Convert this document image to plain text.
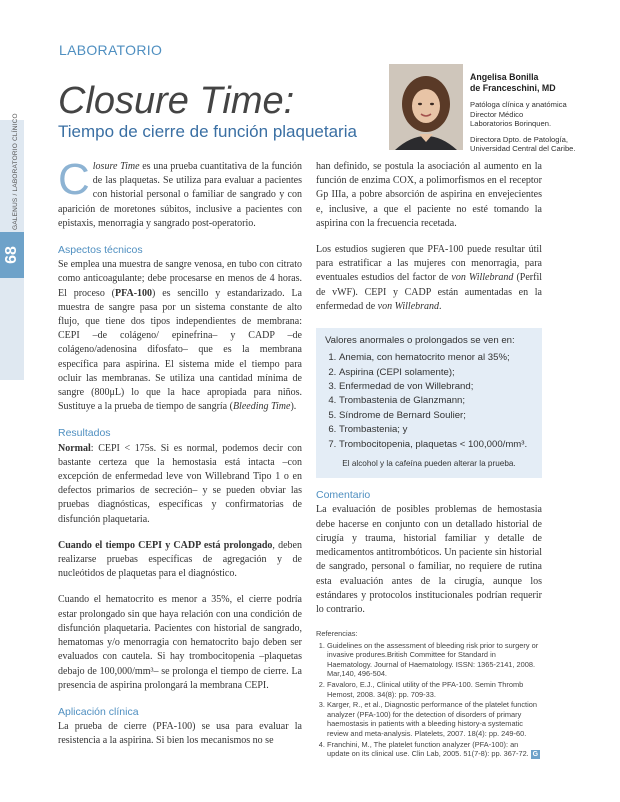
GALENUS / LABORATORIO CLÍNICO
68
LABORATORIO
Closure Time:
Tiempo de cierre de función plaquetaria
Angelisa Bonilla
de Franceschini, MD

Patóloga clínica y anatómica
Director Médico
Laboratorios Borinquen.

Directora Dpto. de Patología,
Universidad Central del Caribe.

Closure Time es una prueba cuantitativa de la función de las plaquetas. Se utiliza para evaluar a pacientes con historial personal o familiar de sangrado y con aparición de moretones súbitos, inclusive a pacientes con epistaxis, menorragia y sangrado post-operatorio.

Aspectos técnicos

Se emplea una muestra de sangre venosa, en tubo con citrato como anticoagulante; debe procesarse en menos de 4 horas. El proceso (PFA-100) es sencillo y estandarizado. La muestra de sangre pasa por un sistema constante de alto flujo, que tiene dos tipos independientes de membrana: CEPI –de colágeno/ epinefrina– y CADP –de colágeno/adenosina difosfato– que es la membrana específica para aspirina. El sistema mide el tiempo para ocluir las membranas. Se utiliza una cantidad mínima de sangre (800μL) lo que la hace apropiada para niños. Sustituye a la prueba de tiempo de sangría (Bleeding Time).

Resultados

Normal: CEPI < 175s. Si es normal, podemos decir con bastante certeza que la hemostasia está intacta –con excepción de enfermedad leve von Willebrand Tipo 1 o en defectos primarios de secreción– y se pueden obviar las pruebas diagnósticas, específicas y confirmatorias de disfunción plaquetaria.

Cuando el tiempo CEPI y CADP está prolongado, deben realizarse pruebas específicas de agregación y de nucleótidos de plaquetas para el diagnóstico.

Cuando el hematocrito es menor a 35%, el cierre podría estar prolongado sin que haya relación con una condición de disfunción plaquetaria. Pacientes con historial de sangrado, hematomas y/o menorragia con hematocrito bajo deben ser evaluados con cautela. Si hay trombocitopenia –plaquetas debajo de 100,000/mm³– se prolonga el tiempo de cierre. La presencia de aspirina prolongará la membrana CEPI.

Aplicación clínica

La prueba de cierre (PFA-100) se usa para evaluar la resistencia a la aspirina. Si bien los mecanismos no se

han definido, se postula la asociación al aumento en la función de enzima COX, a polimorfismos en el receptor Gp IIIa, a pobre absorción de aspirina en envejecientes e, inclusive, a que el paciente no esté tomando la aspirina con la frecuencia recetada.

Los estudios sugieren que PFA-100 puede resultar útil para estratificar a las mujeres con menorragia, para eventuales estudios del factor de von Willebrand (Perfil de vWF). CEPI y CADP están aumentadas en la enfermedad de von Willebrand.

Valores anormales o prolongados se ven en:
1. Anemia, con hematocrito menor al 35%;
2. Aspirina (CEPI solamente);
3. Enfermedad de von Willebrand;
4. Trombastenia de Glanzmann;
5. Síndrome de Bernard Soulier;
6. Trombastenia; y
7. Trombocitopenia, plaquetas < 100,000/mm³.
El alcohol y la cafeína pueden alterar la prueba.
Comentario

La evaluación de posibles problemas de hemostasia debe hacerse en conjunto con un detallado historial de cirugía y trauma, historial familiar y detalle de medicamentos antitrombóticos. Un paciente sin historial de sangrado, personal o familiar, no requiere de rutina esta evaluación antes de la cirugía, aunque los estándares y protocolos institucionales podrían requerir lo contrario.

Referencias:
1. Guidelines on the assessment of bleeding risk prior to surgery or invasive produres.British Committee for Standard in Haematology. Journal of Haematology. ISSN: 1365-2141, 2008. Mar,140, 496-504.
2. Favaloro, E.J., Clinical utility of the PFA-100. Semin Thromb Hemost, 2008. 34(8): pp. 709-33.
3. Karger, R., et al., Diagnostic performance of the platelet function analyzer (PFA-100) for the detection of disorders of primary haemostasis in patients with a bleeding history-a systematic review and meta-analysis. Platelets, 2007. 18(4): pp. 249-60.
4. Franchini, M., The platelet function analyzer (PFA-100): an update on its clinical use. Clin Lab, 2005. 51(7-8): pp. 367-72. G
